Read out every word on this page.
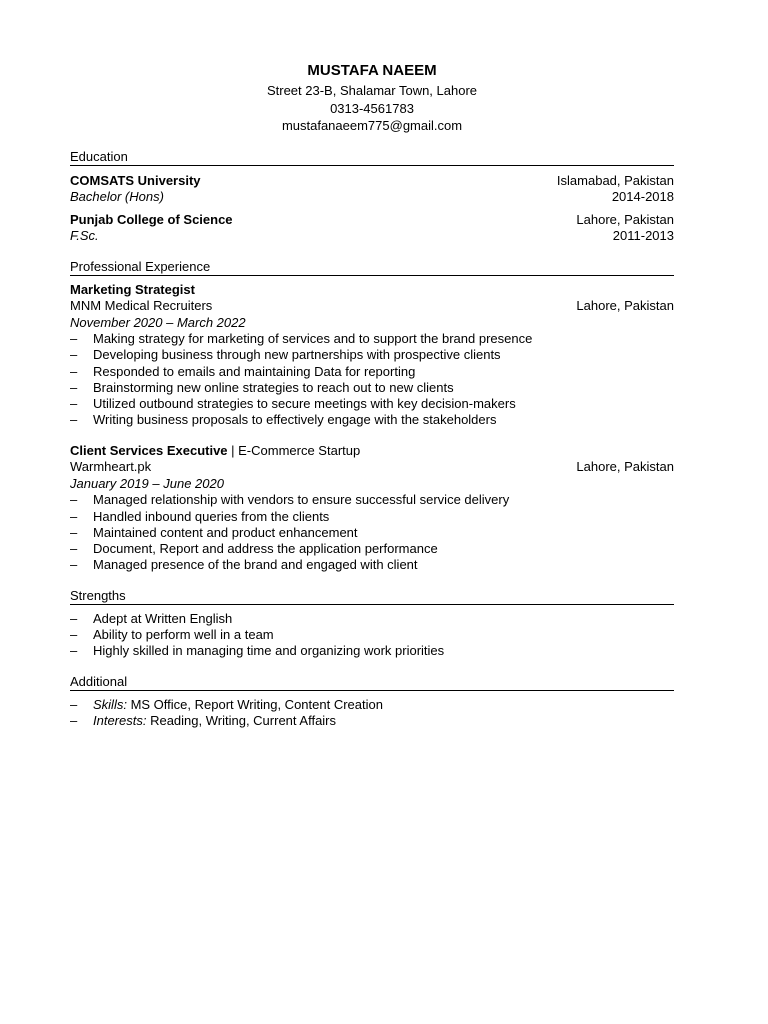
MUSTAFA NAEEM
Street 23-B, Shalamar Town, Lahore
0313-4561783
mustafanaeem775@gmail.com
Education
COMSATS University	Islamabad, Pakistan
Bachelor (Hons)	2014-2018
Punjab College of Science	Lahore, Pakistan
F.Sc.	2011-2013
Professional Experience
Marketing Strategist
MNM Medical Recruiters	Lahore, Pakistan
November 2020 – March 2022
– Making strategy for marketing of services and to support the brand presence
– Developing business through new partnerships with prospective clients
– Responded to emails and maintaining Data for reporting
– Brainstorming new online strategies to reach out to new clients
– Utilized outbound strategies to secure meetings with key decision-makers
– Writing business proposals to effectively engage with the stakeholders
Client Services Executive | E-Commerce Startup
Warmheart.pk	Lahore, Pakistan
January 2019 – June 2020
– Managed relationship with vendors to ensure successful service delivery
– Handled inbound queries from the clients
– Maintained content and product enhancement
– Document, Report and address the application performance
– Managed presence of the brand and engaged with client
Strengths
– Adept at Written English
– Ability to perform well in a team
– Highly skilled in managing time and organizing work priorities
Additional
– Skills: MS Office, Report Writing, Content Creation
– Interests: Reading, Writing, Current Affairs
